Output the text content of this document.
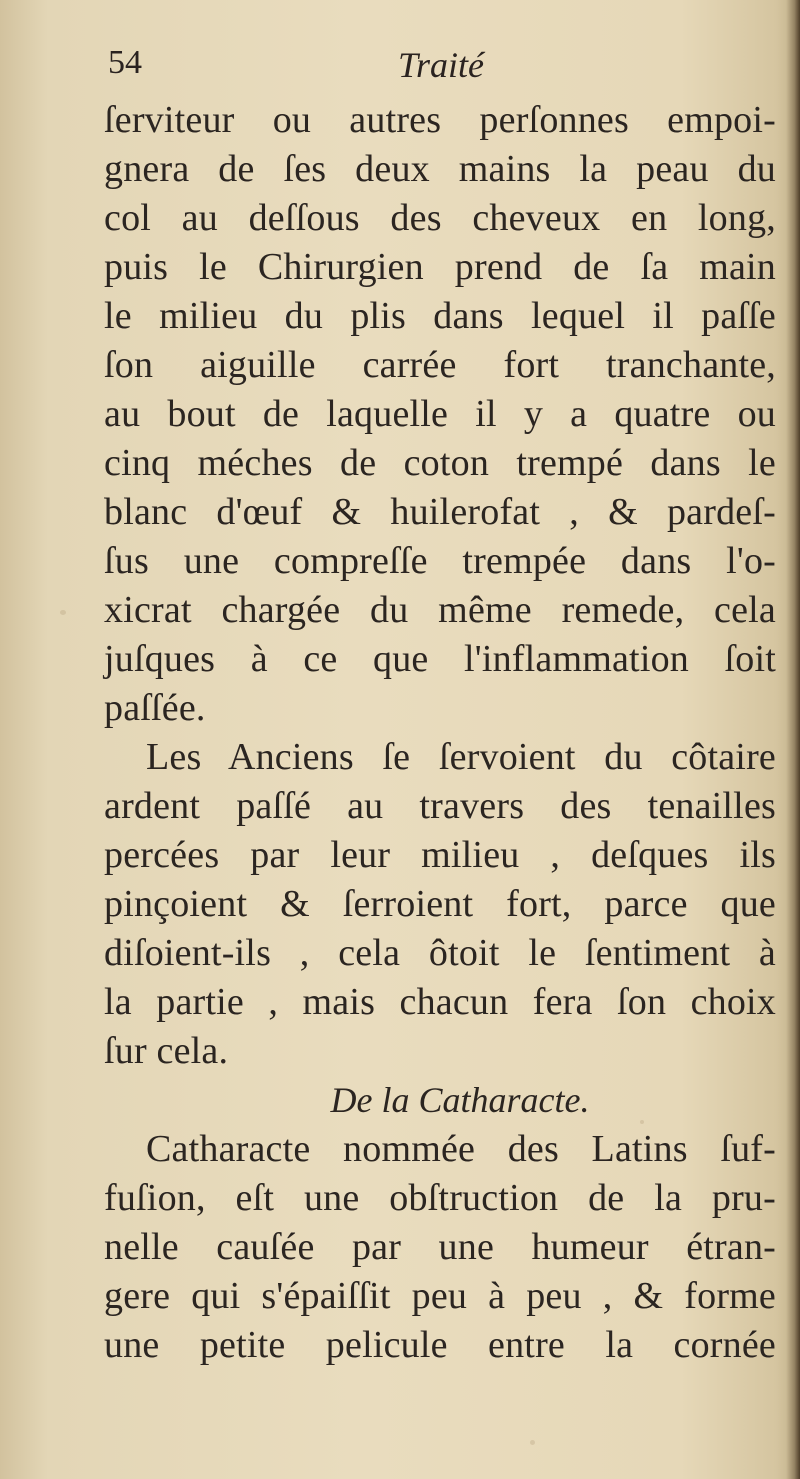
54	Traité
ſerviteur ou autres perſonnes empoi-
gnera de ſes deux mains la peau du
col au deſſous des cheveux en long,
puis le Chirurgien prend de ſa main
le milieu du plis dans lequel il paſſe
ſon aiguille carrée fort tranchante,
au bout de laquelle il y a quatre ou
cinq méches de coton trempé dans le
blanc d'œuf & huilerofat , & pardeſ-
ſus une compreſſe trempée dans l'o-
xicrat chargée du même remede, cela
juſques à ce que l'inflammation ſoit
paſſée.
Les Anciens ſe ſervoient du côtaire
ardent paſſé au travers des tenailles
percées par leur milieu , deſques ils
pinçoient & ſerroient fort, parce que
diſoient-ils , cela ôtoit le ſentiment à
la partie , mais chacun fera ſon choix
ſur cela.
De la Catharacte.
Catharacte nommée des Latins ſuf-
fuſion, eſt une obſtruction de la pru-
nelle cauſée par une humeur étran-
gere qui s'épaiſſit peu à peu , & forme
une petite pelicule entre la cornée
